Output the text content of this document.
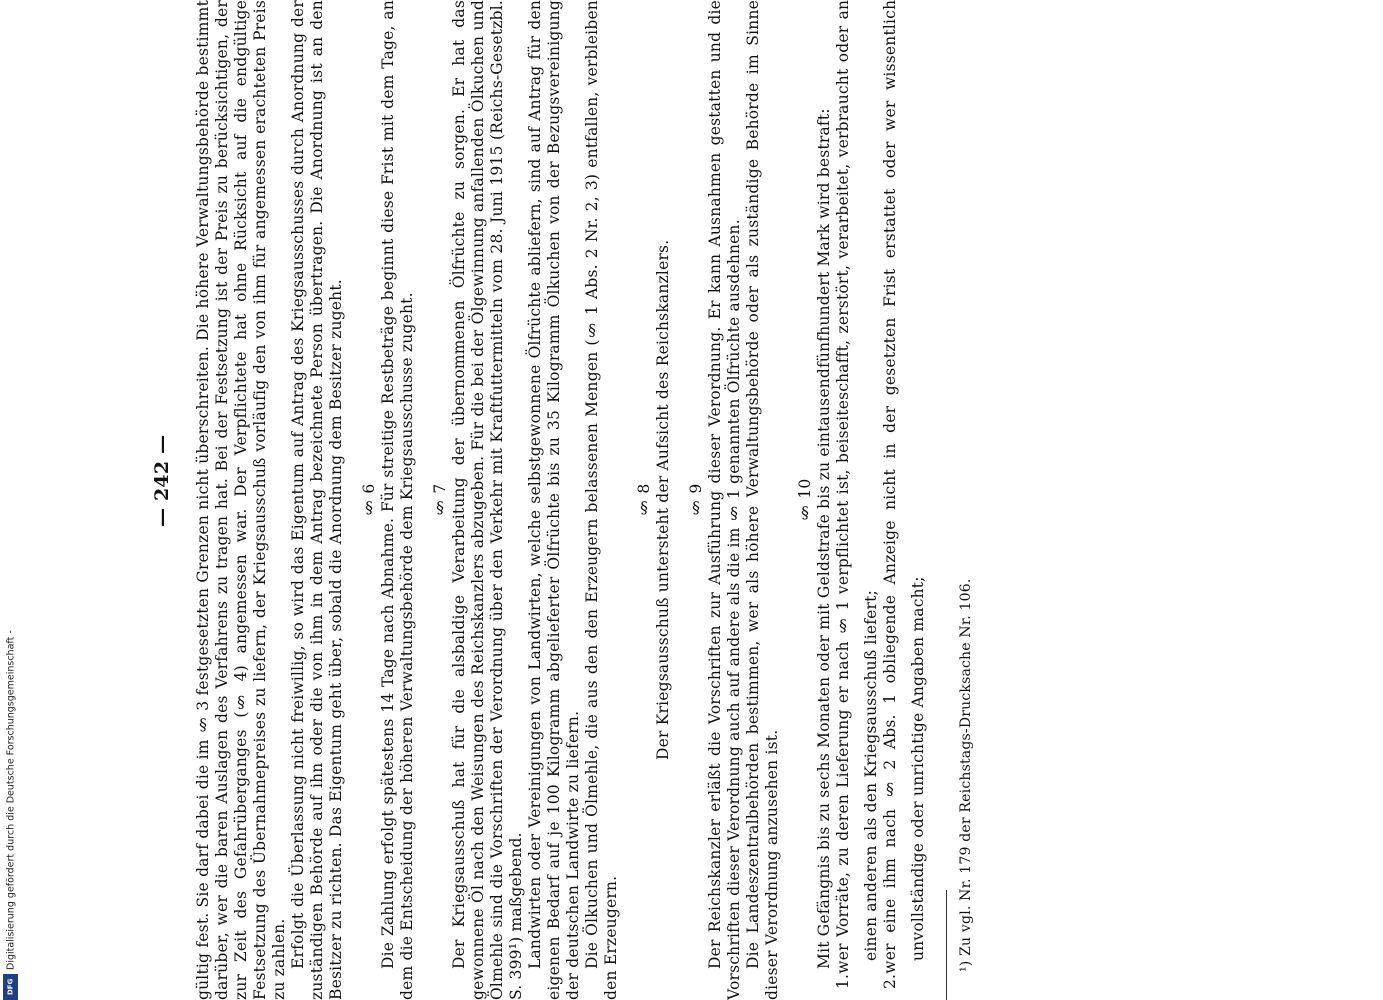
— 242 — gültig fest. Sie darf dabei die im § 3 festgesetzten Grenzen nicht überschreiten. Die höhere Verwaltungsbehörde bestimmt darüber, wer die baren Auslagen des Verfahrens zu tragen hat. Bei der Festsetzung ist der Preis zu berücksichtigen, der zur Zeit des Gefahrüberganges (§ 4) angemessen war. Der Verpflichtete hat ohne Rücksicht auf die endgültige Festsetzung des Übernahmepreises zu liefern, der Kriegsausschuß vorläufig den von ihm für angemessen erachteten Preis zu zahlen. Erfolgt die Überlassung nicht freiwillig, so wird das Eigentum auf Antrag des Kriegsausschusses durch Anordnung der zuständigen Behörde auf ihn oder die von ihm in dem Antrag bezeichnete Person übertragen. Die Anordnung ist an den Besitzer zu richten. Das Eigentum geht über, sobald die Anordnung dem Besitzer zugeht. § 6 Die Zahlung erfolgt spätestens 14 Tage nach Abnahme. Für streitige Restbeträge beginnt diese Frist mit dem Tage, an dem die Entscheidung der höheren Verwaltungsbehörde dem Kriegsausschusse zugeht. § 7 Der Kriegsausschuß hat für die alsbaldige Verarbeitung der übernommenen Ölfrüchte zu sorgen. Er hat das gewonnene Öl nach den Weisungen des Reichskanzlers abzugeben. Für die bei der Ölgewinnung anfallenden Ölkuchen und Ölmehle sind die Vorschriften der Verordnung über den Verkehr mit Kraftfuttermitteln vom 28. Juni 1915 (Reichs-Gesetzbl. S. 399¹) maßgebend. Landwirten oder Vereinigungen von Landwirten, welche selbstgewonnene Ölfrüchte abliefern, sind auf Antrag für den eigenen Bedarf auf je 100 Kilogramm abgelieferter Ölfrüchte bis zu 35 Kilogramm Ölkuchen von der Bezugsvereinigung der deutschen Landwirte zu liefern. Die Ölkuchen und Ölmehle, die aus den den Erzeugern belassenen Mengen (§ 1 Abs. 2 Nr. 2, 3) entfallen, verbleiben den Erzeugern.

§ 8 Der Kriegsausschuß untersteht der Aufsicht des Reichskanzlers. § 9 Der Reichskanzler erläßt die Vorschriften zur Ausführung dieser Verordnung. Er kann Ausnahmen gestatten und die Vorschriften dieser Verordnung auch auf andere als die im § 1 genannten Ölfrüchte ausdehnen. Die Landeszentralbehörden bestimmen, wer als höhere Verwaltungsbehörde oder als zuständige Behörde im Sinne dieser Verordnung anzusehen ist.

§ 10 Mit Gefängnis bis zu sechs Monaten oder mit Geldstrafe bis zu eintausendfünfhundert Mark wird bestraft:

1.wer Vorräte, zu deren Lieferung er nach § 1 verpflichtet ist, beiseiteschafft, zerstört, verarbeitet, verbraucht oder an einen anderen als den Kriegsausschuß liefert;

2.wer eine ihm nach § 2 Abs. 1 obliegende Anzeige nicht in der gesetzten Frist erstattet oder wer wissentlich unvollständige oder unrichtige Angaben macht; ¹) Zu vgl. Nr. 179 der Reichstags-Drucksache Nr. 106.

DFG
Digitalisierung gefördert durch die Deutsche Forschungsgemeinschaft -
